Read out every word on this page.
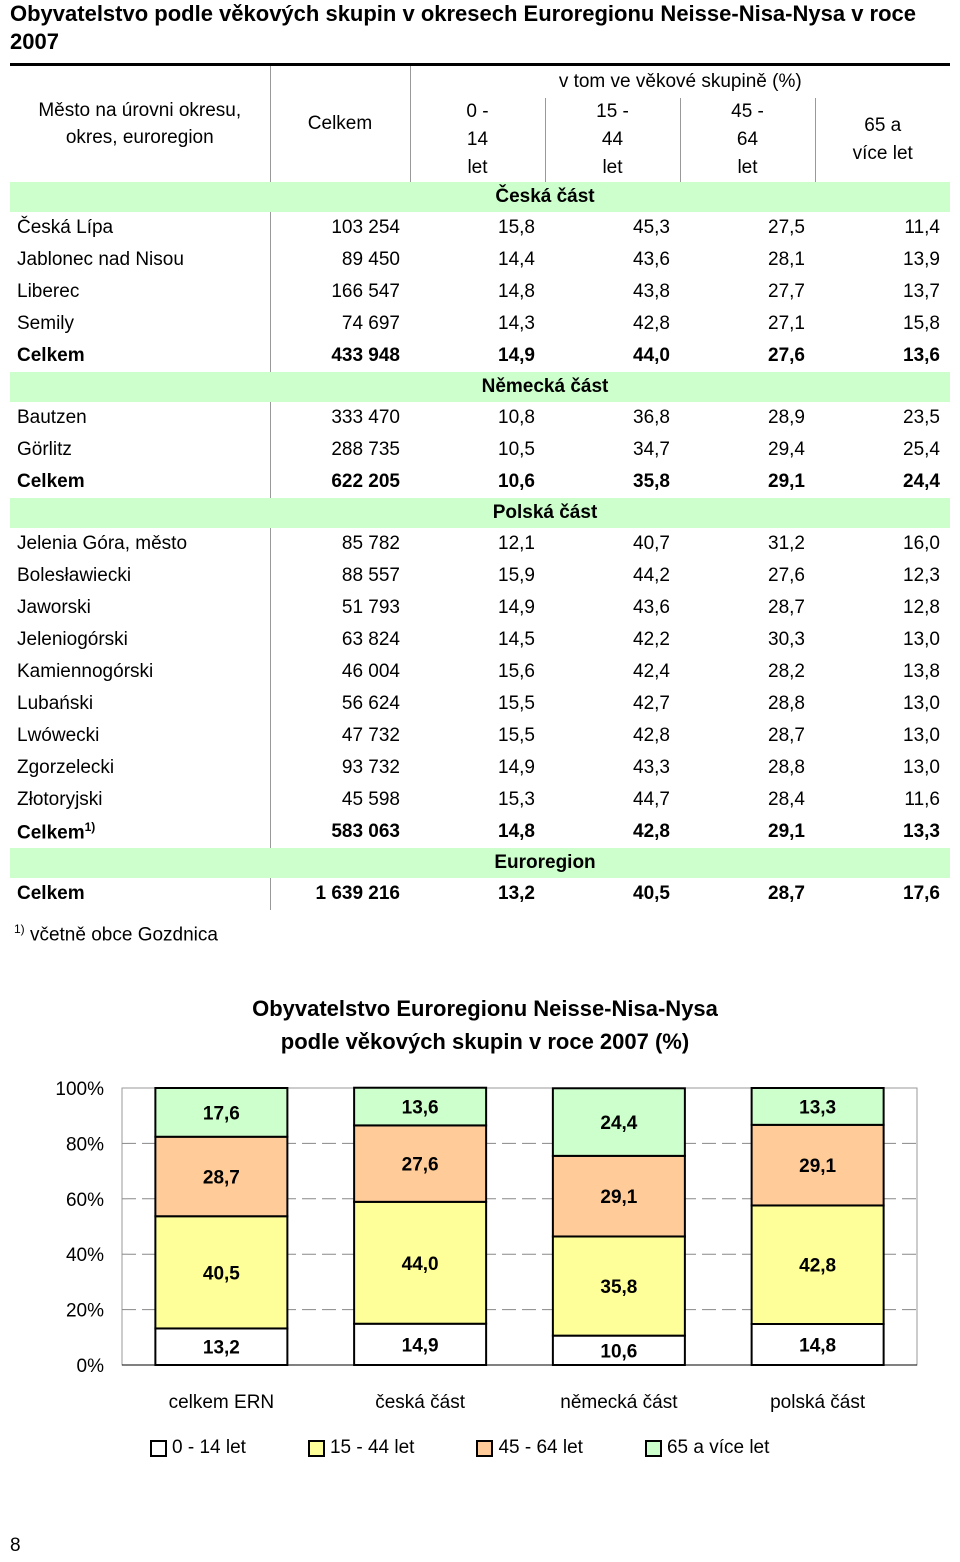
Obyvatelstvo podle věkových skupin v okresech Euroregionu Neisse-Nisa-Nysa v roce 2007
Město na úrovni okresu, okres, euroregion	Celkem	v tom ve věkové skupině (%)			
		0 - 14 let	15 - 44 let	45 - 64 let	65 a více let
		Česká část			
Česká Lípa	103 254	15,8	45,3	27,5	11,4
Jablonec nad Nisou	89 450	14,4	43,6	28,1	13,9
Liberec	166 547	14,8	43,8	27,7	13,7
Semily	74 697	14,3	42,8	27,1	15,8
Celkem	433 948	14,9	44,0	27,6	13,6
		Německá část			
Bautzen	333 470	10,8	36,8	28,9	23,5
Görlitz	288 735	10,5	34,7	29,4	25,4
Celkem	622 205	10,6	35,8	29,1	24,4
		Polská část			
Jelenia Góra, město	85 782	12,1	40,7	31,2	16,0
Bolesławiecki	88 557	15,9	44,2	27,6	12,3
Jaworski	51 793	14,9	43,6	28,7	12,8
Jeleniogórski	63 824	14,5	42,2	30,3	13,0
Kamiennogórski	46 004	15,6	42,4	28,2	13,8
Lubański	56 624	15,5	42,7	28,8	13,0
Lwówecki	47 732	15,5	42,8	28,7	13,0
Zgorzelecki	93 732	14,9	43,3	28,8	13,0
Złotoryjski	45 598	15,3	44,7	28,4	11,6
Celkem$^{1)}$	583 063	14,8	42,8	29,1	13,3
		Euroregion			
Celkem	1 639 216	13,2	40,5	28,7	17,6
$^{1)}$ včetně obce Gozdnica
Obyvatelstvo Euroregionu Neisse-Nisa-Nysa
podle věkových skupin v roce 2007 (%)
0%
20%
40%
60%
80%
100%
13,2
40,5
28,7
17,6
celkem ERN
14,9
44,0
27,6
13,6
česká část
10,6
35,8
29,1
24,4
německá část
14,8
42,8
29,1
13,3
polská část
0 - 14 let	15 - 44 let	45 - 64 let	65 a více let
8
